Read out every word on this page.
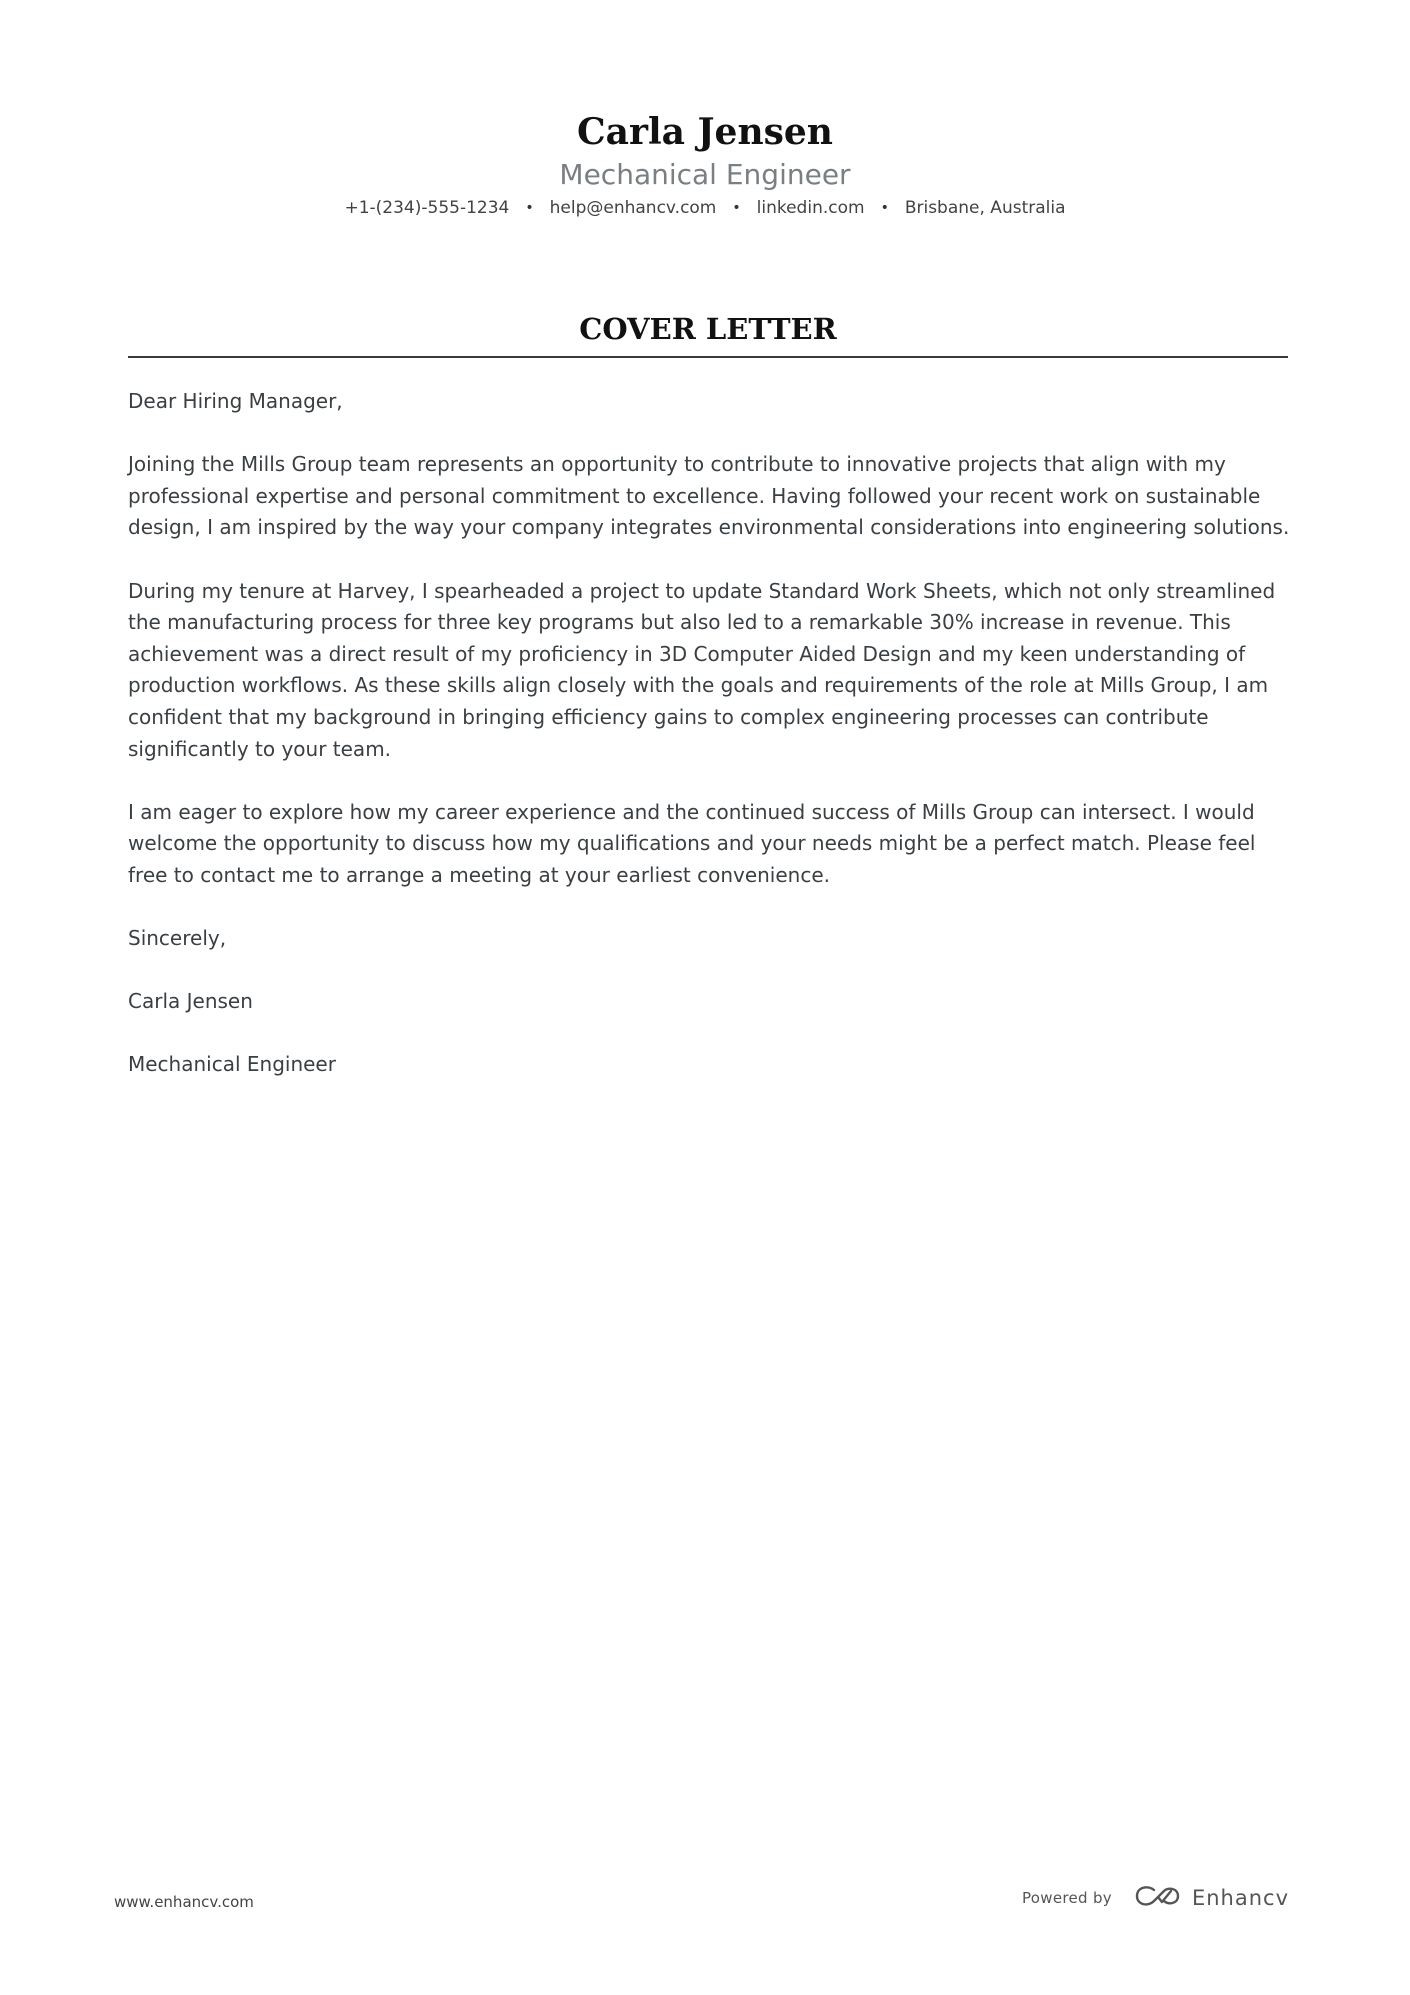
Carla Jensen
Mechanical Engineer
+1-(234)-555-1234 • help@enhancv.com • linkedin.com • Brisbane, Australia
COVER LETTER

Dear Hiring Manager,

Joining the Mills Group team represents an opportunity to contribute to innovative projects that align with my professional expertise and personal commitment to excellence. Having followed your recent work on sustainable design, I am inspired by the way your company integrates environmental considerations into engineering solutions.

During my tenure at Harvey, I spearheaded a project to update Standard Work Sheets, which not only streamlined the manufacturing process for three key programs but also led to a remarkable 30% increase in revenue. This achievement was a direct result of my proficiency in 3D Computer Aided Design and my keen understanding of production workflows. As these skills align closely with the goals and requirements of the role at Mills Group, I am confident that my background in bringing efficiency gains to complex engineering processes can contribute significantly to your team.

I am eager to explore how my career experience and the continued success of Mills Group can intersect. I would welcome the opportunity to discuss how my qualifications and your needs might be a perfect match. Please feel free to contact me to arrange a meeting at your earliest convenience.

Sincerely,

Carla Jensen

Mechanical Engineer

www.enhancv.com	Powered by	Enhancv
